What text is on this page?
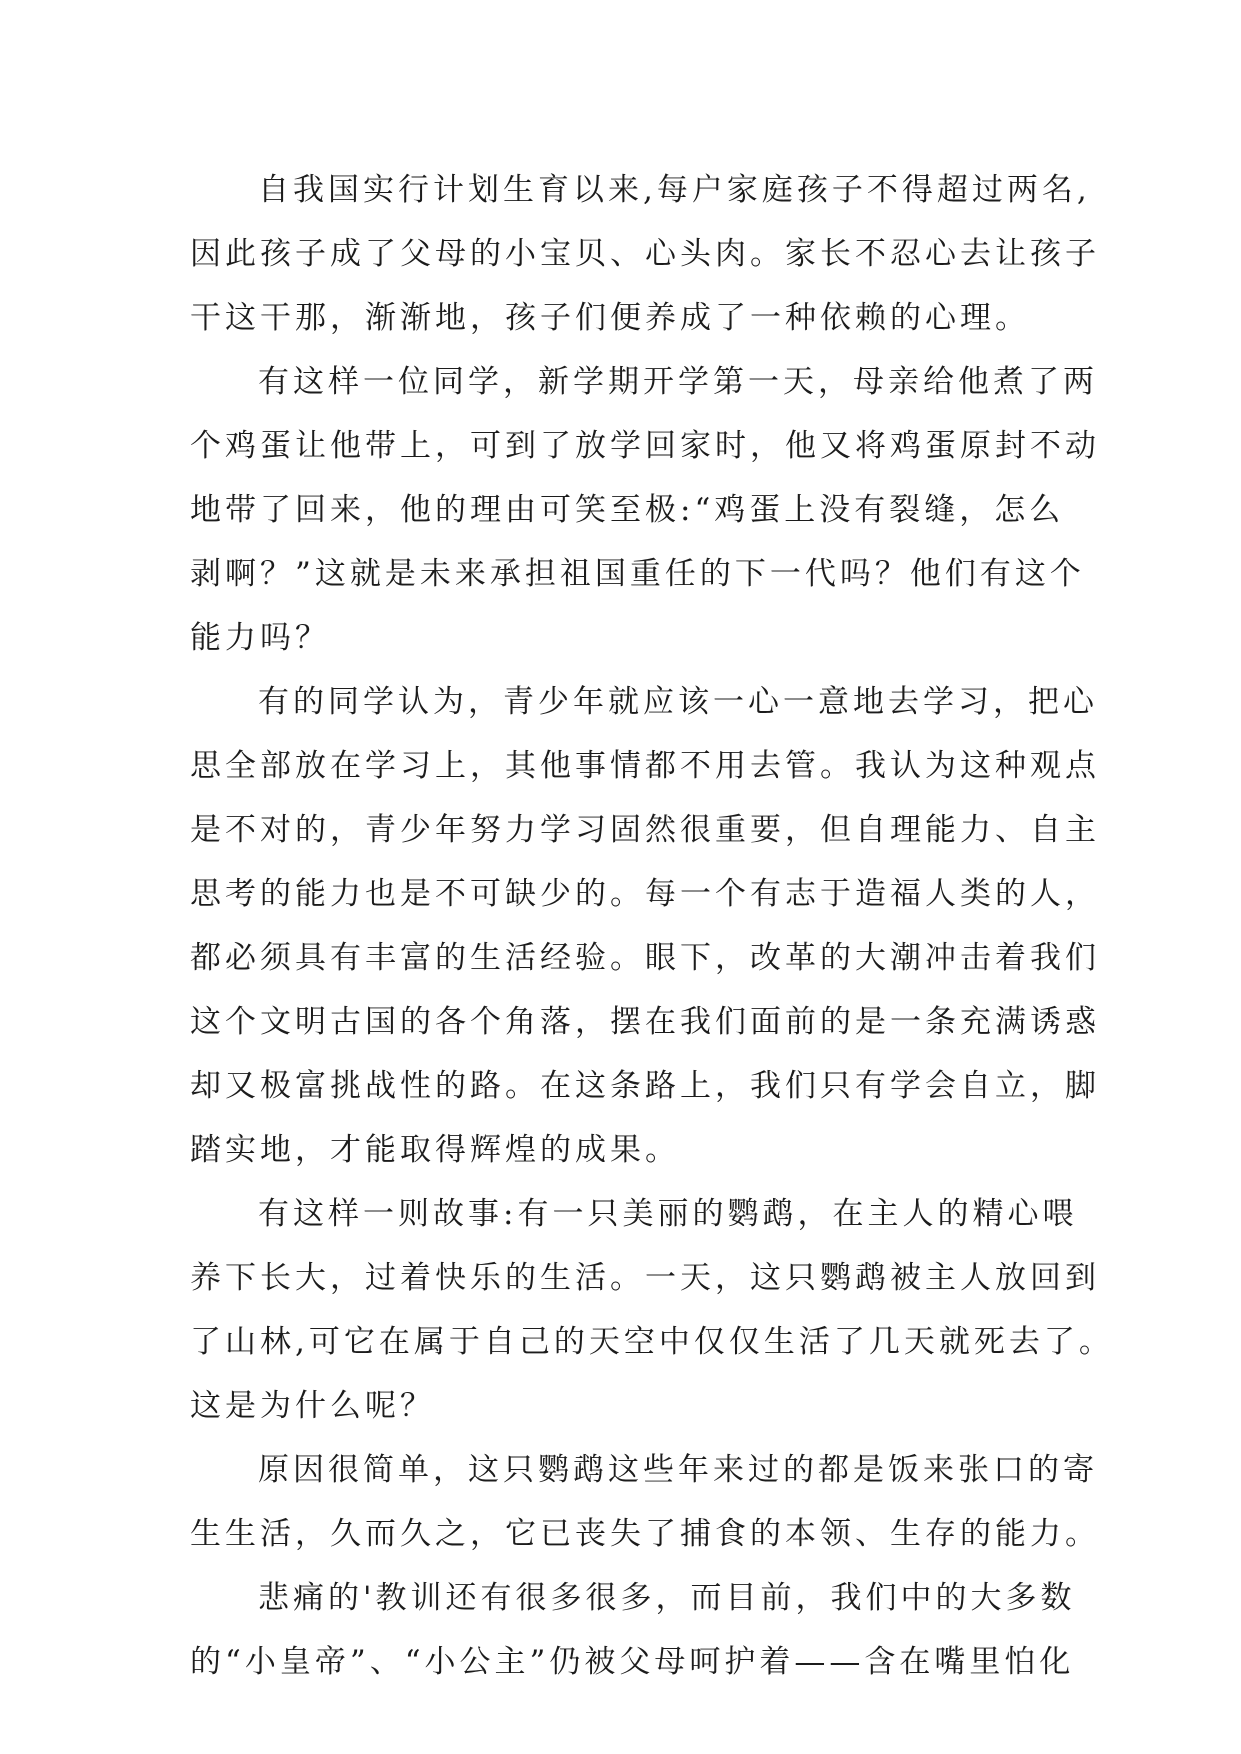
自我国实行计划生育以来,每户家庭孩子不得超过两名,
因此孩子成了父母的小宝贝、心头肉。家长不忍心去让孩子
干这干那，渐渐地，孩子们便养成了一种依赖的心理。
有这样一位同学，新学期开学第一天，母亲给他煮了两
个鸡蛋让他带上，可到了放学回家时，他又将鸡蛋原封不动
地带了回来，他的理由可笑至极:“鸡蛋上没有裂缝，怎么
剥啊？”这就是未来承担祖国重任的下一代吗？他们有这个
能力吗？
有的同学认为，青少年就应该一心一意地去学习，把心
思全部放在学习上，其他事情都不用去管。我认为这种观点
是不对的，青少年努力学习固然很重要，但自理能力、自主
思考的能力也是不可缺少的。每一个有志于造福人类的人，
都必须具有丰富的生活经验。眼下，改革的大潮冲击着我们
这个文明古国的各个角落，摆在我们面前的是一条充满诱惑
却又极富挑战性的路。在这条路上，我们只有学会自立，脚
踏实地，才能取得辉煌的成果。
有这样一则故事:有一只美丽的鹦鹉，在主人的精心喂
养下长大，过着快乐的生活。一天，这只鹦鹉被主人放回到
了山林,可它在属于自己的天空中仅仅生活了几天就死去了。
这是为什么呢？
原因很简单，这只鹦鹉这些年来过的都是饭来张口的寄
生生活，久而久之，它已丧失了捕食的本领、生存的能力。
悲痛的'教训还有很多很多，而目前，我们中的大多数
的“小皇帝”、“小公主”仍被父母呵护着——含在嘴里怕化
